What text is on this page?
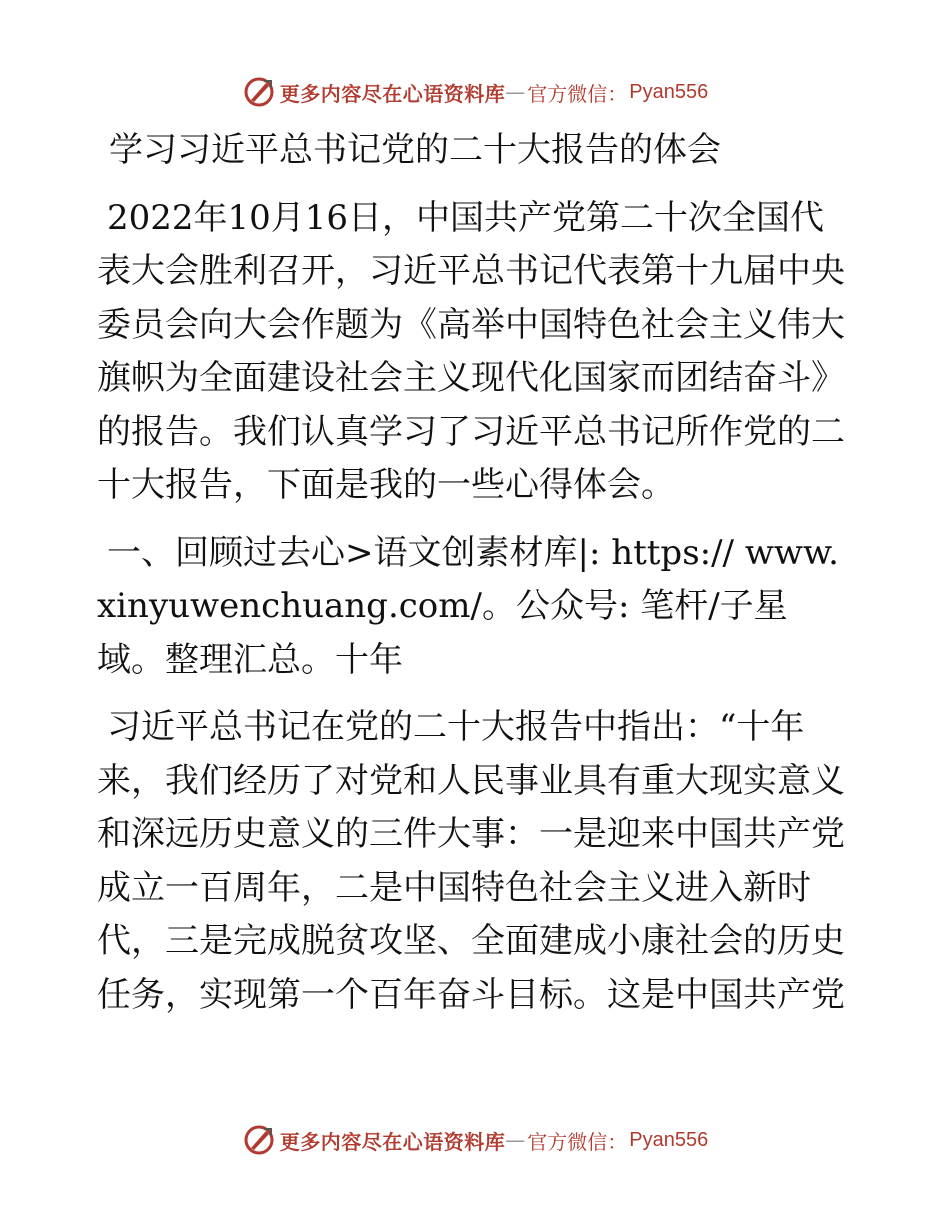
更多内容尽在心语资料库 — 官方微信： Pyan556
学习习近平总书记党的二十大报告的体会

2022年10月16日，中国共产党第二十次全国代表大会胜利召开，习近平总书记代表第十九届中央委员会向大会作题为《高举中国特色社会主义伟大旗帜为全面建设社会主义现代化国家而团结奋斗》的报告。我们认真学习了习近平总书记所作党的二十大报告，下面是我的一些心得体会。

一、回顾过去心>语文创素材库|: https:// www.xinyuwenchuang.com/。公众号: 笔杆/子星域。整理汇总。十年

习近平总书记在党的二十大报告中指出：“十年来，我们经历了对党和人民事业具有重大现实意义和深远历史意义的三件大事：一是迎来中国共产党成立一百周年，二是中国特色社会主义进入新时代，三是完成脱贫攻坚、全面建成小康社会的历史任务，实现第一个百年奋斗目标。这是中国共产党

更多内容尽在心语资料库 — 官方微信： Pyan556
